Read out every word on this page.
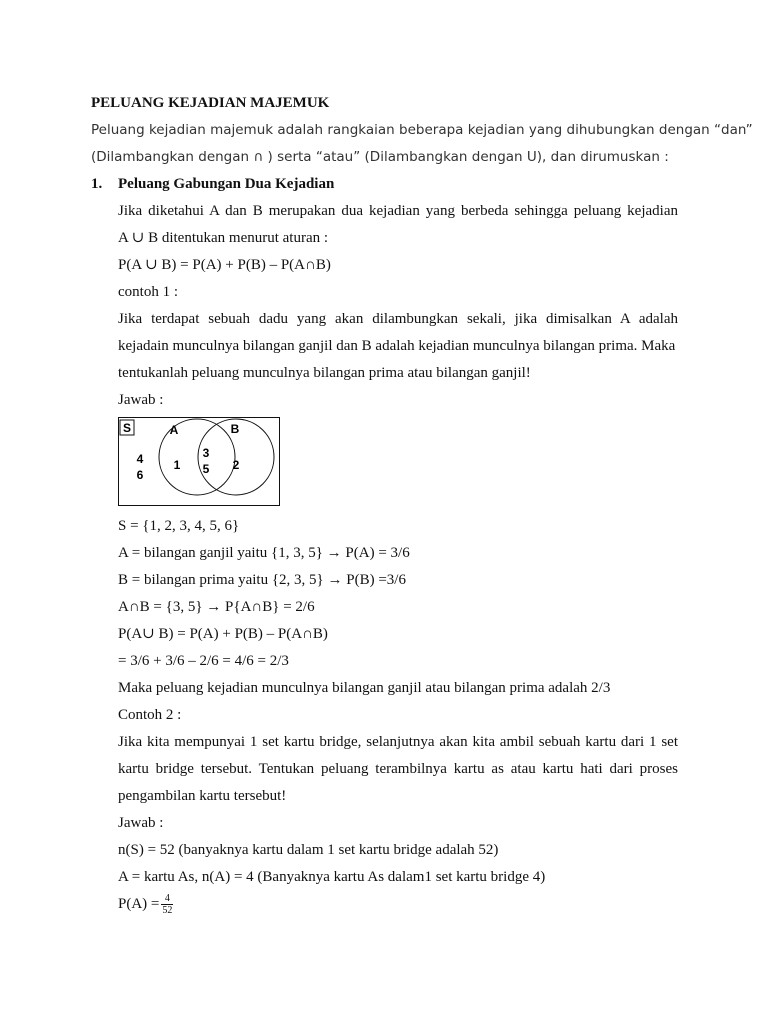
PELUANG KEJADIAN MAJEMUK
Peluang kejadian majemuk adalah rangkaian beberapa kejadian yang dihubungkan dengan “dan”
(Dilambangkan dengan ∩ ) serta “atau” (Dilambangkan dengan U), dan dirumuskan :
1. Peluang Gabungan Dua Kejadian
Jika diketahui A dan B merupakan dua kejadian yang berbeda sehingga peluang kejadian
A ∪ B ditentukan menurut aturan :
P(A ∪ B) = P(A) + P(B) – P(A∩B)
contoh 1 :
Jika terdapat sebuah dadu yang akan dilambungkan sekali, jika dimisalkan A adalah
kejadain munculnya bilangan ganjil dan B adalah kejadian munculnya bilangan prima. Maka
tentukanlah peluang munculnya bilangan prima atau bilangan ganjil!
Jawab :
S	A	B
4
6
1
3
5 2
S = {1, 2, 3, 4, 5, 6}
A = bilangan ganjil yaitu {1, 3, 5} → P(A) = 3/6
B = bilangan prima yaitu {2, 3, 5} → P(B) =3/6
A∩B = {3, 5} → P{A∩B} = 2/6
P(A∪ B) = P(A) + P(B) – P(A∩B)
= 3/6 + 3/6 – 2/6 = 4/6 = 2/3
Maka peluang kejadian munculnya bilangan ganjil atau bilangan prima adalah 2/3
Contoh 2 :
Jika kita mempunyai 1 set kartu bridge, selanjutnya akan kita ambil sebuah kartu dari 1 set
kartu bridge tersebut. Tentukan peluang terambilnya kartu as atau kartu hati dari proses
pengambilan kartu tersebut!
Jawab :
n(S) = 52 (banyaknya kartu dalam 1 set kartu bridge adalah 52)
A = kartu As, n(A) = 4 (Banyaknya kartu As dalam1 set kartu bridge 4)
$P(A) = \frac{4}{52}$
